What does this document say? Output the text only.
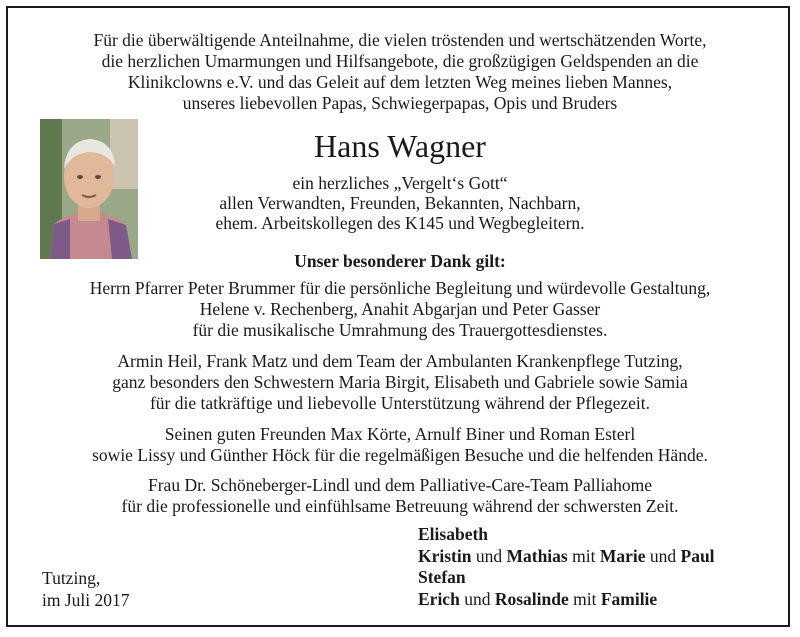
Für die überwältigende Anteilnahme, die vielen tröstenden und wertschätzenden Worte,
die herzlichen Umarmungen und Hilfsangebote, die großzügigen Geldspenden an die
Klinikclowns e.V. und das Geleit auf dem letzten Weg meines lieben Mannes,
unseres liebevollen Papas, Schwiegerpapas, Opis und Bruders
Hans Wagner
ein herzliches „Vergelt‘s Gott“
allen Verwandten, Freunden, Bekannten, Nachbarn,
ehem. Arbeitskollegen des K145 und Wegbegleitern.
Unser besonderer Dank gilt:
Herrn Pfarrer Peter Brummer für die persönliche Begleitung und würdevolle Gestaltung,
Helene v. Rechenberg, Anahit Abgarjan und Peter Gasser
für die musikalische Umrahmung des Trauergottesdienstes.
Armin Heil, Frank Matz und dem Team der Ambulanten Krankenpflege Tutzing,
ganz besonders den Schwestern Maria Birgit, Elisabeth und Gabriele sowie Samia
für die tatkräftige und liebevolle Unterstützung während der Pflegezeit.
Seinen guten Freunden Max Körte, Arnulf Biner und Roman Esterl
sowie Lissy und Günther Höck für die regelmäßigen Besuche und die helfenden Hände.
Frau Dr. Schöneberger-Lindl und dem Palliative-Care-Team Palliahome
für die professionelle und einfühlsame Betreuung während der schwersten Zeit.
Tutzing,
im Juli 2017
Elisabeth
Kristin und Mathias mit Marie und Paul
Stefan
Erich und Rosalinde mit Familie
